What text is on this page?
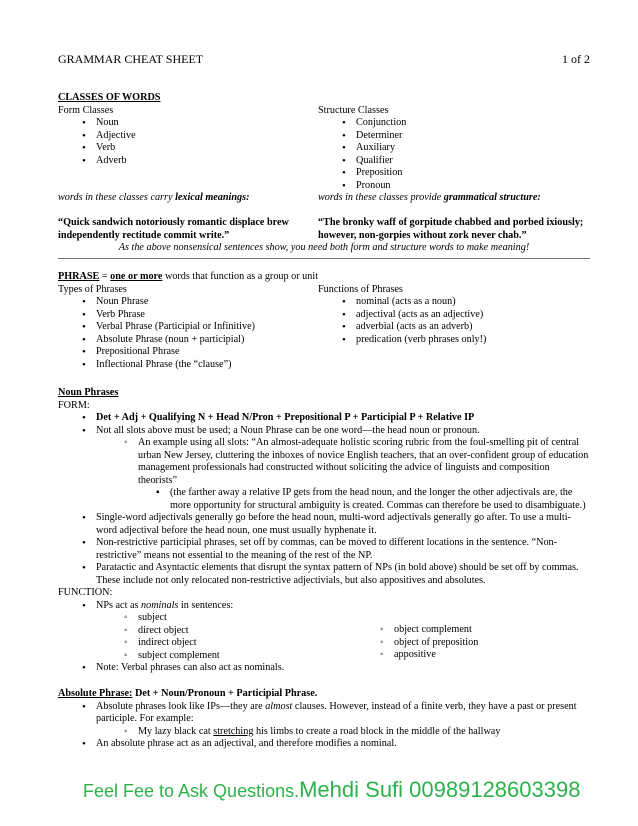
GRAMMAR CHEAT SHEET	1 of 2
CLASSES OF WORDS
Form Classes
• Noun
• Adjective
• Verb
• Adverb
Structure Classes
• Conjunction
• Determiner
• Auxiliary
• Qualifier
• Preposition
• Pronoun
words in these classes carry lexical meanings:	words in these classes provide grammatical structure:
“Quick sandwich notoriously romantic displace brew independently rectitude commit write.”
“The bronky waff of gorpitude chabbed and porbed ixiously; however, non-gorpies without zork never chab.”
As the above nonsensical sentences show, you need both form and structure words to make meaning!
PHRASE = one or more words that function as a group or unit
Types of Phrases
• Noun Phrase
• Verb Phrase
• Verbal Phrase (Participial or Infinitive)
• Absolute Phrase (noun + participial)
• Prepositional Phrase
• Inflectional Phrase (the “clause”)
Functions of Phrases
• nominal (acts as a noun)
• adjectival (acts as an adjective)
• adverbial (acts as an adverb)
• predication (verb phrases only!)
Noun Phrases
FORM:
• Det + Adj + Qualifying N + Head N/Pron + Prepositional P + Participial P + Relative IP
• Not all slots above must be used; a Noun Phrase can be one word—the head noun or pronoun.
◦ An example using all slots: “An almost-adequate holistic scoring rubric from the foul-smelling pit of central urban New Jersey, cluttering the inboxes of novice English teachers, that an over-confident group of education management professionals had constructed without soliciting the advice of linguists and composition theorists”
▪ (the farther away a relative IP gets from the head noun, and the longer the other adjectivals are, the more opportunity for structural ambiguity is created. Commas can therefore be used to disambiguate.)
• Single-word adjectivals generally go before the head noun, multi-word adjectivals generally go after. To use a multi-word adjectival before the head noun, one must usually hyphenate it.
• Non-restrictive participial phrases, set off by commas, can be moved to different locations in the sentence. “Non-restrictive” means not essential to the meaning of the rest of the NP.
• Paratactic and Asyntactic elements that disrupt the syntax pattern of NPs (in bold above) should be set off by commas. These include not only relocated non-restrictive adjectivials, but also appositives and absolutes.
FUNCTION:
• NPs act as nominals in sentences:
◦ subject
◦ direct object
◦ indirect object
◦ subject complement
◦ object complement
◦ object of preposition
◦ appositive
• Note: Verbal phrases can also act as nominals.
Absolute Phrase: Det + Noun/Pronoun + Participial Phrase.
• Absolute phrases look like IPs—they are almost clauses. However, instead of a finite verb, they have a past or present participle. For example:
◦ My lazy black cat stretching his limbs to create a road block in the middle of the hallway
• An absolute phrase act as an adjectival, and therefore modifies a nominal.
Feel Fee to Ask Questions.Mehdi Sufi 00989128603398
